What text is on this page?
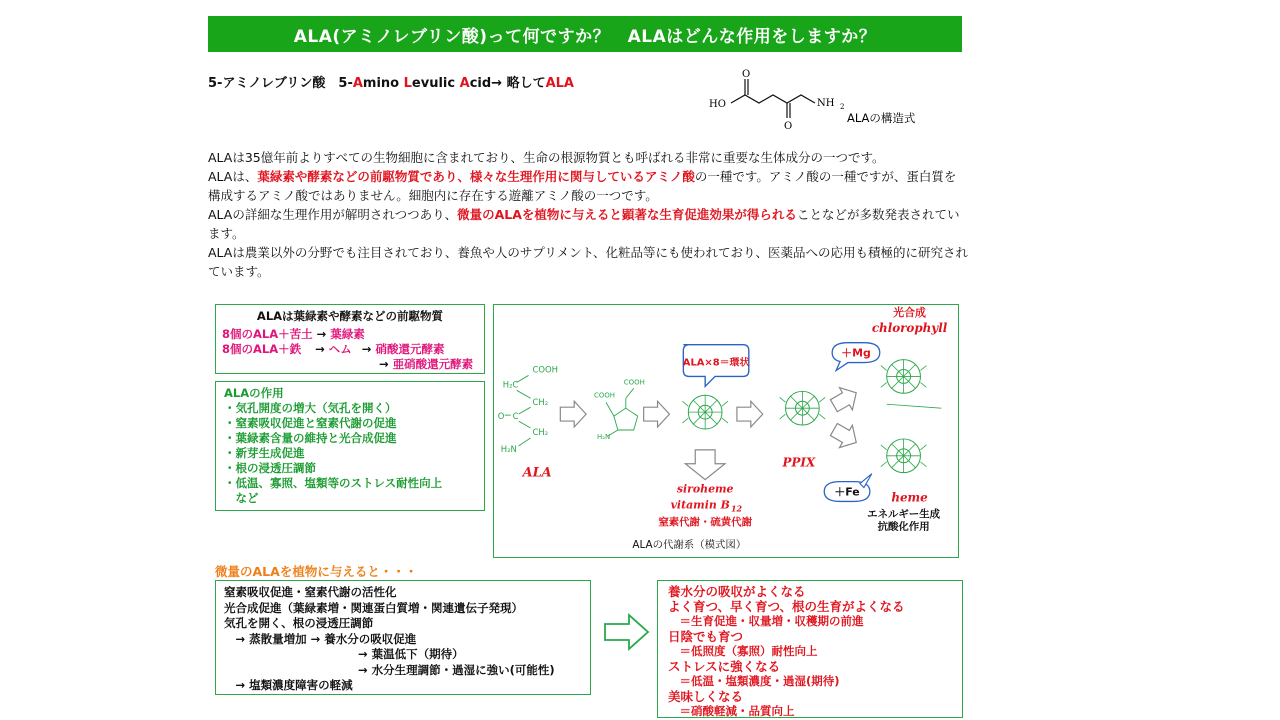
ALA(アミノレブリン酸)って何ですか？　ALAはどんな作用をしますか？
5-アミノレブリン酸　5-Amino Levulic Acid→ 略してALA
HO
O
O
NH 2
ALAの構造式

ALAは35億年前よりすべての生物細胞に含まれており、生命の根源物質とも呼ばれる非常に重要な生体成分の一つです。

ALAは、葉緑素や酵素などの前駆物質であり、様々な生理作用に関与しているアミノ酸の一種です。アミノ酸の一種ですが、蛋白質を構成するアミノ酸ではありません。細胞内に存在する遊離アミノ酸の一つです。

ALAの詳細な生理作用が解明されつつあり、微量のALAを植物に与えると顕著な生育促進効果が得られることなどが多数発表されています。

ALAは農業以外の分野でも注目されており、養魚や人のサプリメント、化粧品等にも使われており、医薬品への応用も積極的に研究されています。

ALAは葉緑素や酵素などの前駆物質
8個のALA＋苦土 → 葉緑素
8個のALA＋鉄 → ヘム → 硝酸還元酵素
→ 亜硝酸還元酵素
ALAの作用
・気孔開度の増大（気孔を開く）
・窒素吸収促進と窒素代謝の促進
・葉緑素含量の維持と光合成促進
・新芽生成促進
・根の浸透圧調節
・低温、寡照、塩類等のストレス耐性向上
　など
COOH
H₂C
CH₂
C
O
CH₂
H₂N
ALA
COOH
COOH
H₂N
ALA×8＝環状
PPIX
siroheme
vitamin B 12
窒素代謝・硫黄代謝
＋Mg
＋Fe
光合成
chlorophyll
heme
エネルギー生成
抗酸化作用
ALAの代謝系（模式図）
微量のALAを植物に与えると・・・
窒素吸収促進・窒素代謝の活性化
光合成促進（葉緑素増・関連蛋白質増・関連遺伝子発現）
気孔を開く、根の浸透圧調節
　→ 蒸散量増加 → 養水分の吸収促進
→ 葉温低下（期待）
→ 水分生理調節・過湿に強い(可能性)
　→ 塩類濃度障害の軽減
養水分の吸収がよくなる
よく育つ、早く育つ、根の生育がよくなる
　＝生育促進・収量増・収穫期の前進
日陰でも育つ
　＝低照度（寡照）耐性向上
ストレスに強くなる
　＝低温・塩類濃度・過湿(期待)
美味しくなる
　＝硝酸軽減・品質向上
